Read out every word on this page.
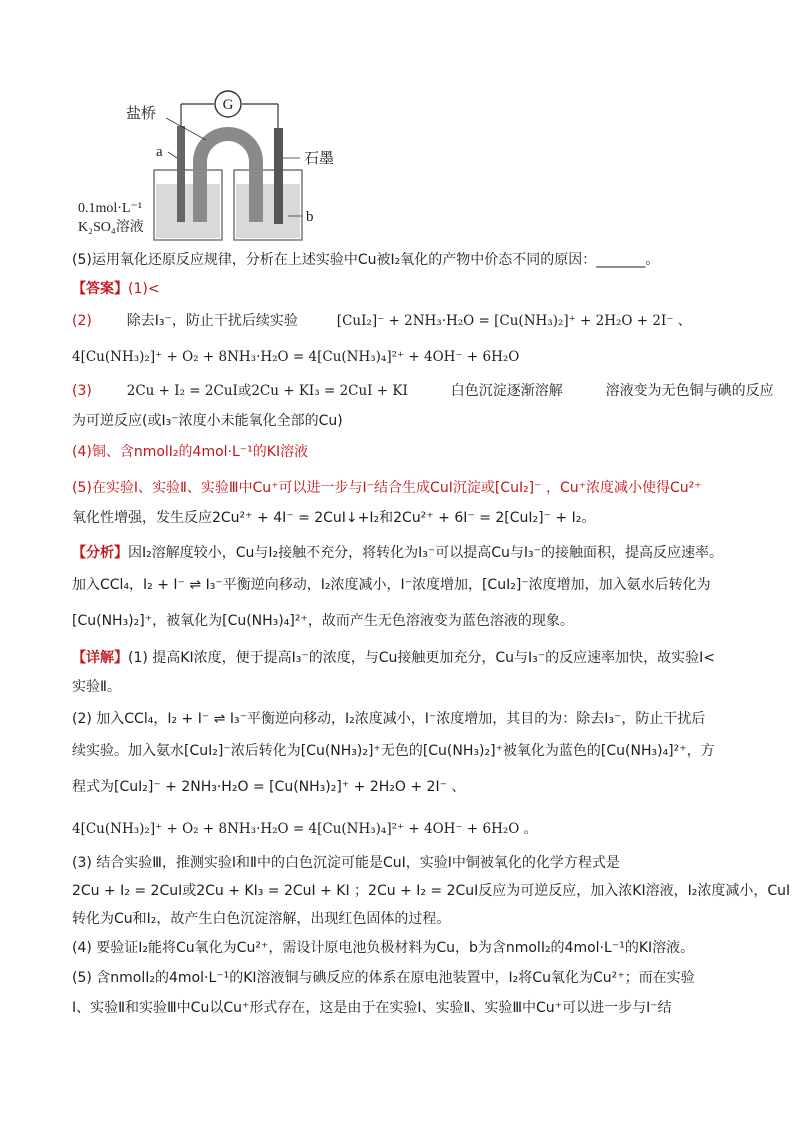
G
盐桥
a	石墨
b
0.1mol·L⁻¹
K₂SO₄溶液
(5)运用氧化还原反应规律，分析在上述实验中Cu被I₂氧化的产物中价态不同的原因：_______。
【答案】(1)<
(2) 除去I₃⁻，防止干扰后续实验	[CuI₂]⁻ + 2NH₃·H₂O = [Cu(NH₃)₂]⁺ + 2H₂O + 2I⁻ 、
4[Cu(NH₃)₂]⁺ + O₂ + 8NH₃·H₂O = 4[Cu(NH₃)₄]²⁺ + 4OH⁻ + 6H₂O
(3)	2Cu + I₂ = 2CuI或2Cu + KI₃ = 2CuI + KI	白色沉淀逐渐溶解	溶液变为无色铜与碘的反应
为可逆反应(或I₃⁻浓度小未能氧化全部的Cu)
(4)铜、含nmolI₂的4mol·L⁻¹的KI溶液
(5)在实验Ⅰ、实验Ⅱ、实验Ⅲ中Cu⁺可以进一步与I⁻结合生成CuI沉淀或[CuI₂]⁻ ，Cu⁺浓度减小使得Cu²⁺
氧化性增强，发生反应2Cu²⁺ + 4I⁻ = 2CuI↓+I₂和2Cu²⁺ + 6I⁻ = 2[CuI₂]⁻ + I₂。
【分析】因I₂溶解度较小，Cu与I₂接触不充分，将转化为I₃⁻可以提高Cu与I₃⁻的接触面积，提高反应速率。
加入CCl₄，I₂ + I⁻ ⇌ I₃⁻平衡逆向移动，I₂浓度减小，I⁻浓度增加，[CuI₂]⁻浓度增加，加入氨水后转化为
[Cu(NH₃)₂]⁺，被氧化为[Cu(NH₃)₄]²⁺，故而产生无色溶液变为蓝色溶液的现象。
【详解】(1) 提高KI浓度，便于提高I₃⁻的浓度，与Cu接触更加充分，Cu与I₃⁻的反应速率加快，故实验Ⅰ<
实验Ⅱ。
(2) 加入CCl₄，I₂ + I⁻ ⇌ I₃⁻平衡逆向移动，I₂浓度减小，I⁻浓度增加，其目的为：除去I₃⁻，防止干扰后
续实验。加入氨水[CuI₂]⁻浓后转化为[Cu(NH₃)₂]⁺无色的[Cu(NH₃)₂]⁺被氧化为蓝色的[Cu(NH₃)₄]²⁺，方
程式为[CuI₂]⁻ + 2NH₃·H₂O = [Cu(NH₃)₂]⁺ + 2H₂O + 2I⁻ 、
4[Cu(NH₃)₂]⁺ + O₂ + 8NH₃·H₂O = 4[Cu(NH₃)₄]²⁺ + 4OH⁻ + 6H₂O 。
(3) 结合实验Ⅲ，推测实验Ⅰ和Ⅱ中的白色沉淀可能是CuI，实验Ⅰ中铜被氧化的化学方程式是
2Cu + I₂ = 2CuI或2Cu + KI₃ = 2CuI + KI ；2Cu + I₂ = 2CuI反应为可逆反应，加入浓KI溶液，I₂浓度减小，CuI
转化为Cu和I₂，故产生白色沉淀溶解，出现红色固体的过程。
(4) 要验证I₂能将Cu氧化为Cu²⁺，需设计原电池负极材料为Cu，b为含nmolI₂的4mol·L⁻¹的KI溶液。
(5) 含nmolI₂的4mol·L⁻¹的KI溶液铜与碘反应的体系在原电池装置中，I₂将Cu氧化为Cu²⁺；而在实验
Ⅰ、实验Ⅱ和实验Ⅲ中Cu以Cu⁺形式存在，这是由于在实验Ⅰ、实验Ⅱ、实验Ⅲ中Cu⁺可以进一步与I⁻结
